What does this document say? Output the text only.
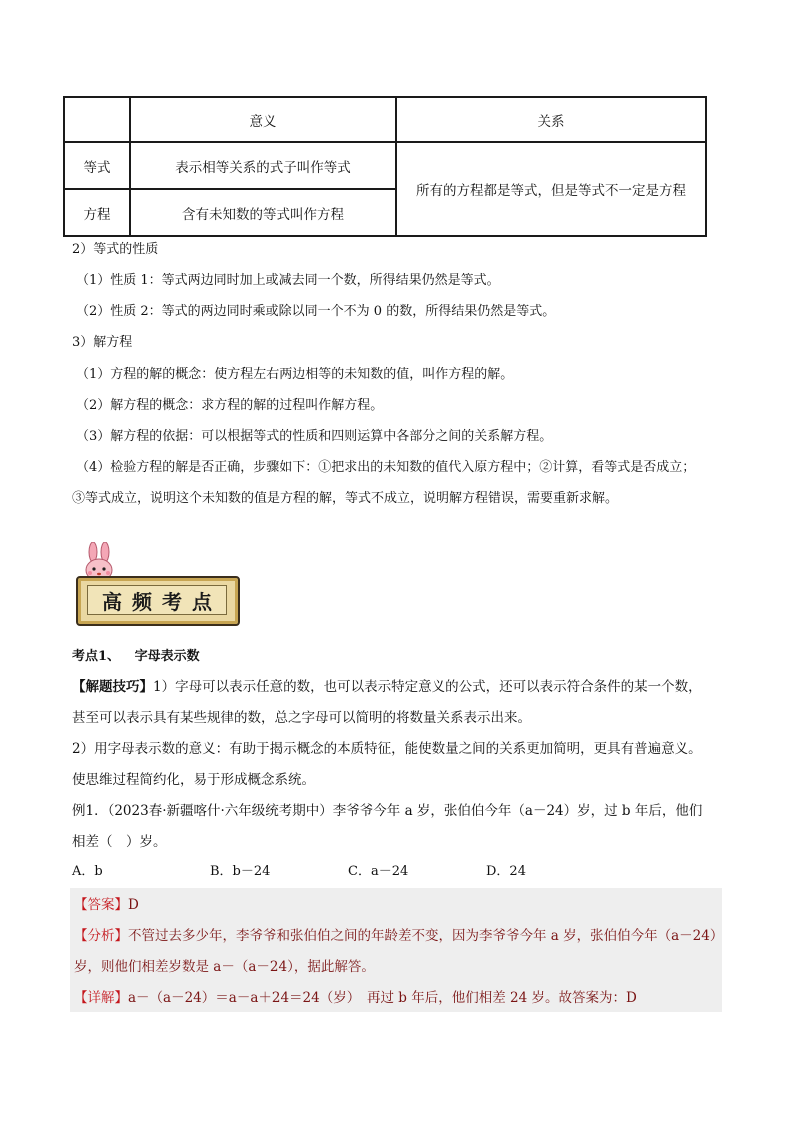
	意义	关系
等式	表示相等关系的式子叫作等式	所有的方程都是等式，但是等式不一定是方程
方程	含有未知数的等式叫作方程	
2）等式的性质
（1）性质 1：等式两边同时加上或减去同一个数，所得结果仍然是等式。
（2）性质 2：等式的两边同时乘或除以同一个不为 0 的数，所得结果仍然是等式。
3）解方程
（1）方程的解的概念：使方程左右两边相等的未知数的值，叫作方程的解。
（2）解方程的概念：求方程的解的过程叫作解方程。
（3）解方程的依据：可以根据等式的性质和四则运算中各部分之间的关系解方程。
（4）检验方程的解是否正确，步骤如下：①把求出的未知数的值代入原方程中；②计算，看等式是否成立；
③等式成立，说明这个未知数的值是方程的解，等式不成立，说明解方程错误，需要重新求解。
高频考点
考点1、 字母表示数
【解题技巧】1）字母可以表示任意的数，也可以表示特定意义的公式，还可以表示符合条件的某一个数，
甚至可以表示具有某些规律的数，总之字母可以简明的将数量关系表示出来。
2）用字母表示数的意义：有助于揭示概念的本质特征，能使数量之间的关系更加简明，更具有普遍意义。
使思维过程简约化，易于形成概念系统。
例1．（2023春·新疆喀什·六年级统考期中）李爷爷今年 a 岁，张伯伯今年（a－24）岁，过 b 年后，他们
相差（　）岁。
A．b	B．b－24	C．a－24	D．24
【答案】D
【分析】不管过去多少年，李爷爷和张伯伯之间的年龄差不变，因为李爷爷今年 a 岁，张伯伯今年（a－24）
岁，则他们相差岁数是 a－（a－24），据此解答。
【详解】a－（a－24）＝a－a＋24＝24（岁）　再过 b 年后，他们相差 24 岁。故答案为：D
